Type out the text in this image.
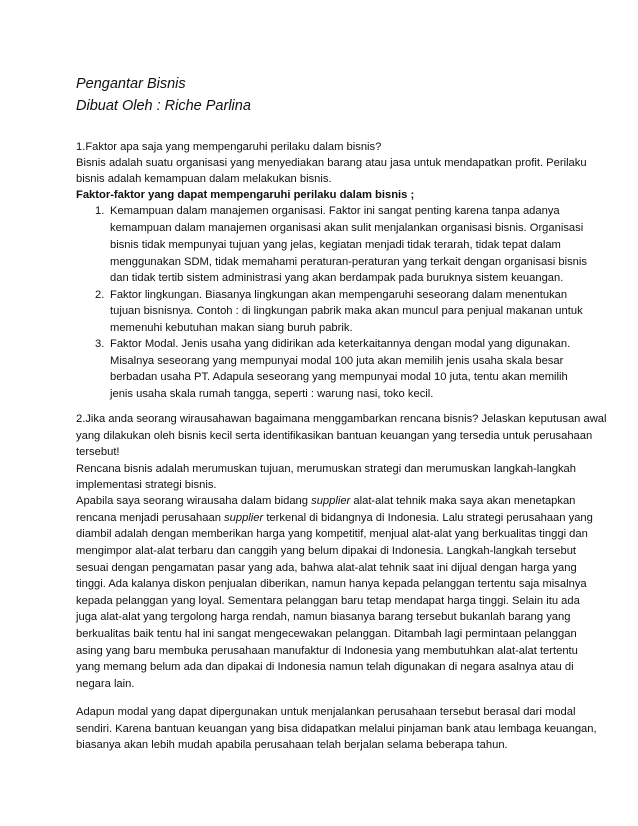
Pengantar Bisnis
Dibuat Oleh : Riche Parlina
1.Faktor apa saja yang mempengaruhi perilaku dalam bisnis?
Bisnis adalah suatu organisasi yang menyediakan barang atau jasa untuk mendapatkan profit. Perilaku
bisnis adalah kemampuan dalam melakukan bisnis.
Faktor-faktor yang dapat mempengaruhi perilaku dalam bisnis ;
1. Kemampuan dalam manajemen organisasi. Faktor ini sangat penting karena tanpa adanya
kemampuan dalam manajemen organisasi akan sulit menjalankan organisasi bisnis. Organisasi
bisnis tidak mempunyai tujuan yang jelas, kegiatan menjadi tidak terarah, tidak tepat dalam
menggunakan SDM, tidak memahami peraturan-peraturan yang terkait dengan organisasi bisnis
dan tidak tertib sistem administrasi yang akan berdampak pada buruknya sistem keuangan.
2. Faktor lingkungan. Biasanya lingkungan akan mempengaruhi seseorang dalam menentukan
tujuan bisnisnya. Contoh : di lingkungan pabrik maka akan muncul para penjual makanan untuk
memenuhi kebutuhan makan siang buruh pabrik.
3. Faktor Modal. Jenis usaha yang didirikan ada keterkaitannya dengan modal yang digunakan.
Misalnya seseorang yang mempunyai modal 100 juta akan memilih jenis usaha skala besar
berbadan usaha PT. Adapula seseorang yang mempunyai modal 10 juta, tentu akan memilih
jenis usaha skala rumah tangga, seperti : warung nasi, toko kecil.
2.Jika anda seorang wirausahawan bagaimana menggambarkan rencana bisnis? Jelaskan keputusan awal
yang dilakukan oleh bisnis kecil serta identifikasikan bantuan keuangan yang tersedia untuk perusahaan
tersebut!
Rencana bisnis adalah merumuskan tujuan, merumuskan strategi dan merumuskan langkah-langkah
implementasi strategi bisnis.
Apabila saya seorang wirausaha dalam bidang supplier alat-alat tehnik maka saya akan menetapkan
rencana menjadi perusahaan supplier terkenal di bidangnya di Indonesia. Lalu strategi perusahaan yang
diambil adalah dengan memberikan harga yang kompetitif, menjual alat-alat yang berkualitas tinggi dan
mengimpor alat-alat terbaru dan canggih yang belum dipakai di Indonesia. Langkah-langkah tersebut
sesuai dengan pengamatan pasar yang ada, bahwa alat-alat tehnik saat ini dijual dengan harga yang
tinggi. Ada kalanya diskon penjualan diberikan, namun hanya kepada pelanggan tertentu saja misalnya
kepada pelanggan yang loyal. Sementara pelanggan baru tetap mendapat harga tinggi. Selain itu ada
juga alat-alat yang tergolong harga rendah, namun biasanya barang tersebut bukanlah barang yang
berkualitas baik tentu hal ini sangat mengecewakan pelanggan. Ditambah lagi permintaan pelanggan
asing yang baru membuka perusahaan manufaktur di Indonesia yang membutuhkan alat-alat tertentu
yang memang belum ada dan dipakai di Indonesia namun telah digunakan di negara asalnya atau di
negara lain.
Adapun modal yang dapat dipergunakan untuk menjalankan perusahaan tersebut berasal dari modal
sendiri. Karena bantuan keuangan yang bisa didapatkan melalui pinjaman bank atau lembaga keuangan,
biasanya akan lebih mudah apabila perusahaan telah berjalan selama beberapa tahun.
